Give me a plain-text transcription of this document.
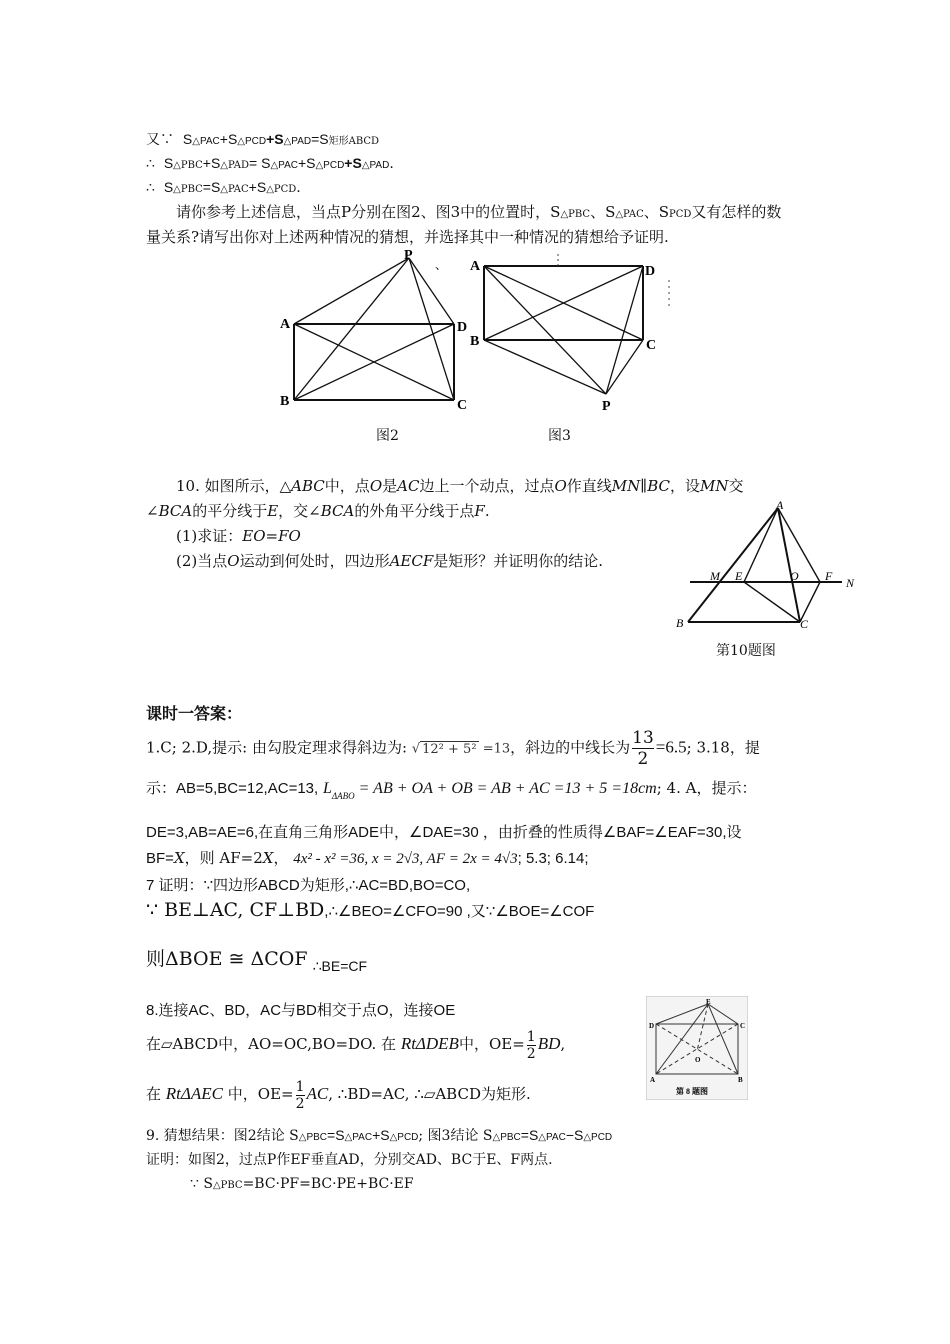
又∵ S△PAC+S△PCD+S△PAD=S矩形ABCD
∴ S△PBC+S△PAD= S△PAC+S△PCD+S△PAD.
∴ S△PBC=S△PAC+S△PCD.
请你参考上述信息，当点P分别在图2、图3中的位置时，S△PBC、S△PAC、SPCD又有怎样的数
量关系?请写出你对上述两种情况的猜想，并选择其中一种情况的猜想给予证明.
P
A	D
B	C
、 A	D
B	C
P
图2	图3
10. 如图所示，△ABC中，点O是AC边上一个动点，过点O作直线MN∥BC，设MN交
∠BCA的平分线于E，交∠BCA的外角平分线于点F.
(1)求证：EO=FO
(2)当点O运动到何处时，四边形AECF是矩形？并证明你的结论.
A
M E	O F N
B	C
第10题图
课时一答案：
1.C; 2.D,提示: 由勾股定理求得斜边为: √ 12² + 5² =13，斜边的中线长为 $\frac{13}{2} =6.5$; 3.18，提
示：AB=5,BC=12,AC=13, $L_{\Delta ABO}$ = AB + OA + OB = AB + AC =13 + 5 =18cm; 4. A，提示：
DE=3,AB=AE=6,在直角三角形ADE中，∠DAE=30 ，由折叠的性质得∠BAF=∠EAF=30,设
BF=X，则 AF=2X， 4x² - x² =36, x = 2√3, AF = 2x = 4√3; 5.3; 6.14;
7 证明：∵四边形ABCD为矩形,∴AC=BD,BO=CO,
∵ BE⊥AC, CF⊥BD,∴∠BEO=∠CFO=90 ,又∵∠BOE=∠COF
则ΔBOE ≅ ΔCOF ∴BE=CF
8.连接AC、BD，AC与BD相交于点O，连接OE
在▱ABCD中，AO=OC,BO=DO. 在 RtΔDEB中，$OE= \frac{1}{2}$ BD,
在 RtΔAEC 中，$OE= \frac{1}{2}$ AC, ∴BD=AC, ∴▱ABCD为矩形.
E
D	C
A	B
O
第 8 题图
9. 猜想结果：图2结论 S△PBC=S△PAC+S△PCD; 图3结论 S△PBC=S△PAC−S△PCD
证明：如图2，过点P作EF垂直AD，分别交AD、BC于E、F两点.
∵ S△PBC=BC·PF=BC·PE+BC·EF
